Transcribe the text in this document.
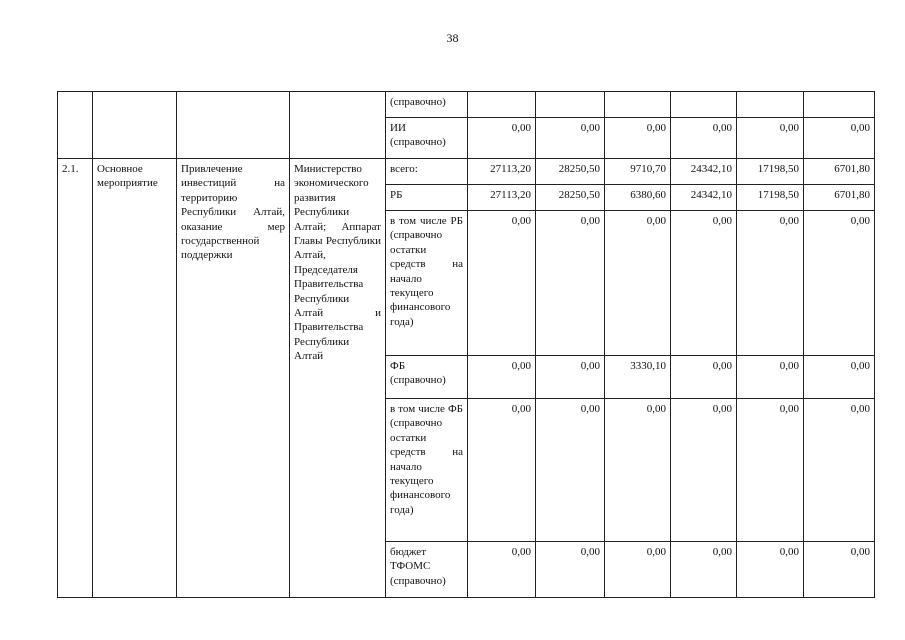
38
				(справочно)						
				ИИ (справочно)	0,00	0,00	0,00	0,00	0,00	0,00
2.1.	Основное мероприятие	Привлечение инвестиций на территорию Республики Алтай, оказание мер государственной поддержки	Министерство экономического развития Республики Алтай; Аппарат Главы Республики Алтай, Председателя Правительства Республики Алтай и Правительства Республики Алтай	всего:	27113,20	28250,50	9710,70	24342,10	17198,50	6701,80
				РБ	27113,20	28250,50	6380,60	24342,10	17198,50	6701,80
				в том числе РБ (справочно остатки средств на начало текущего финансового года)	0,00	0,00	0,00	0,00	0,00	0,00
				ФБ (справочно)	0,00	0,00	3330,10	0,00	0,00	0,00
				в том числе ФБ (справочно остатки средств на начало текущего финансового года)	0,00	0,00	0,00	0,00	0,00	0,00
				бюджет ТФОМС (справочно)	0,00	0,00	0,00	0,00	0,00	0,00
